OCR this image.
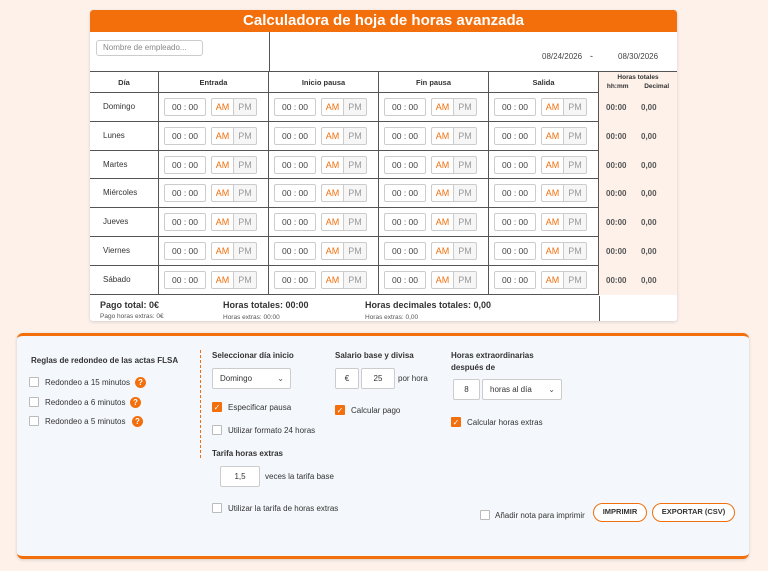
Calculadora de hoja de horas avanzada
Nombre de empleado...
08/24/2026 -	08/30/2026
Día	Entrada	Inicio pausa	Fin pausa	Salida
Horas totales
hh:mm Decimal
Domingo	00 : 00	AM	PM	00 : 00	AM	PM	00 : 00	AM	PM	00 : 00	AM	PM	00:00 0,00
Lunes	00 : 00	AM	PM	00 : 00	AM	PM	00 : 00	AM	PM	00 : 00	AM	PM	00:00 0,00
Martes	00 : 00	AM	PM	00 : 00	AM	PM	00 : 00	AM	PM	00 : 00	AM	PM	00:00 0,00
Miércoles	00 : 00	AM	PM	00 : 00	AM	PM	00 : 00	AM	PM	00 : 00	AM	PM	00:00 0,00
Jueves	00 : 00	AM	PM	00 : 00	AM	PM	00 : 00	AM	PM	00 : 00	AM	PM	00:00 0,00
Viernes	00 : 00	AM	PM	00 : 00	AM	PM	00 : 00	AM	PM	00 : 00	AM	PM	00:00 0,00
Sábado	00 : 00	AM	PM	00 : 00	AM	PM	00 : 00	AM	PM	00 : 00	AM	PM	00:00 0,00
Pago total: 0€
Pago horas extras: 0€
Horas totales: 00:00
Horas extras: 00:00
Horas decimales totales: 0,00
Horas extras: 0,00
Reglas de redondeo de las actas FLSA
Redondeo a 15 minutos	?
Redondeo a 6 minutos ?
Redondeo a 5 minutos	?
Seleccionar día inicio
Domingo	⌄
✓ Especificar pausa
Utilizar formato 24 horas
Tarifa horas extras
1,5	veces la tarifa base
Utilizar la tarifa de horas extras
Salario base y divisa
€	25	por hora
✓ Calcular pago
Horas extraordinarias
después de
8	horas al día ⌄
✓ Calcular horas extras
Añadir nota para imprimir	IMPRIMIR	EXPORTAR (CSV)
